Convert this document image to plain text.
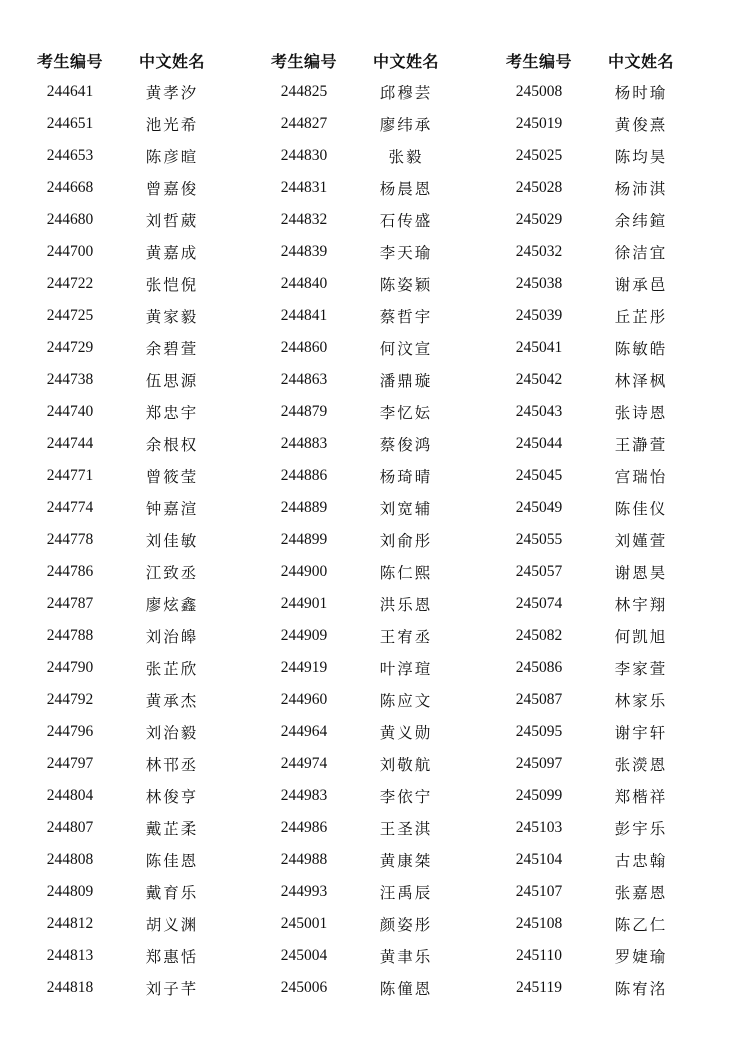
考生编号	中文姓名
244641	黄孝汐
244651	池光希
244653	陈彦暄
244668	曾嘉俊
244680	刘哲葳
244700	黄嘉成
244722	张恺倪
244725	黄家毅
244729	余碧萱
244738	伍思源
244740	郑忠宇
244744	余根权
244771	曾筱莹
244774	钟嘉渲
244778	刘佳敏
244786	江致丞
244787	廖炫鑫
244788	刘治皞
244790	张芷欣
244792	黄承杰
244796	刘治毅
244797	林邗丞
244804	林俊亨
244807	戴芷柔
244808	陈佳恩
244809	戴育乐
244812	胡义渊
244813	郑惠恬
244818	刘子芊
考生编号	中文姓名
244825	邱穆芸
244827	廖纬承
244830	张毅
244831	杨晨恩
244832	石传盛
244839	李天瑜
244840	陈姿颖
244841	蔡哲宇
244860	何汶宣
244863	潘鼎璇
244879	李忆妘
244883	蔡俊鸿
244886	杨琦晴
244889	刘宽辅
244899	刘俞彤
244900	陈仁熙
244901	洪乐恩
244909	王宥丞
244919	叶淳瑄
244960	陈应文
244964	黄义勋
244974	刘敬航
244983	李依宁
244986	王圣淇
244988	黄康桀
244993	汪禹辰
245001	颜姿彤
245004	黄聿乐
245006	陈僮恩
考生编号	中文姓名
245008	杨时瑜
245019	黄俊熹
245025	陈均昊
245028	杨沛淇
245029	余纬鍹
245032	徐洁宜
245038	谢承邑
245039	丘芷彤
245041	陈敏皓
245042	林泽枫
245043	张诗恩
245044	王瀞萱
245045	宫瑞怡
245049	陈佳仪
245055	刘嫤萱
245057	谢恩昊
245074	林宇翔
245082	何凯旭
245086	李家萱
245087	林家乐
245095	谢宇轩
245097	张濙恩
245099	郑楷祥
245103	彭宇乐
245104	古忠翰
245107	张嘉恩
245108	陈乙仁
245110	罗婕瑜
245119	陈宥洺
